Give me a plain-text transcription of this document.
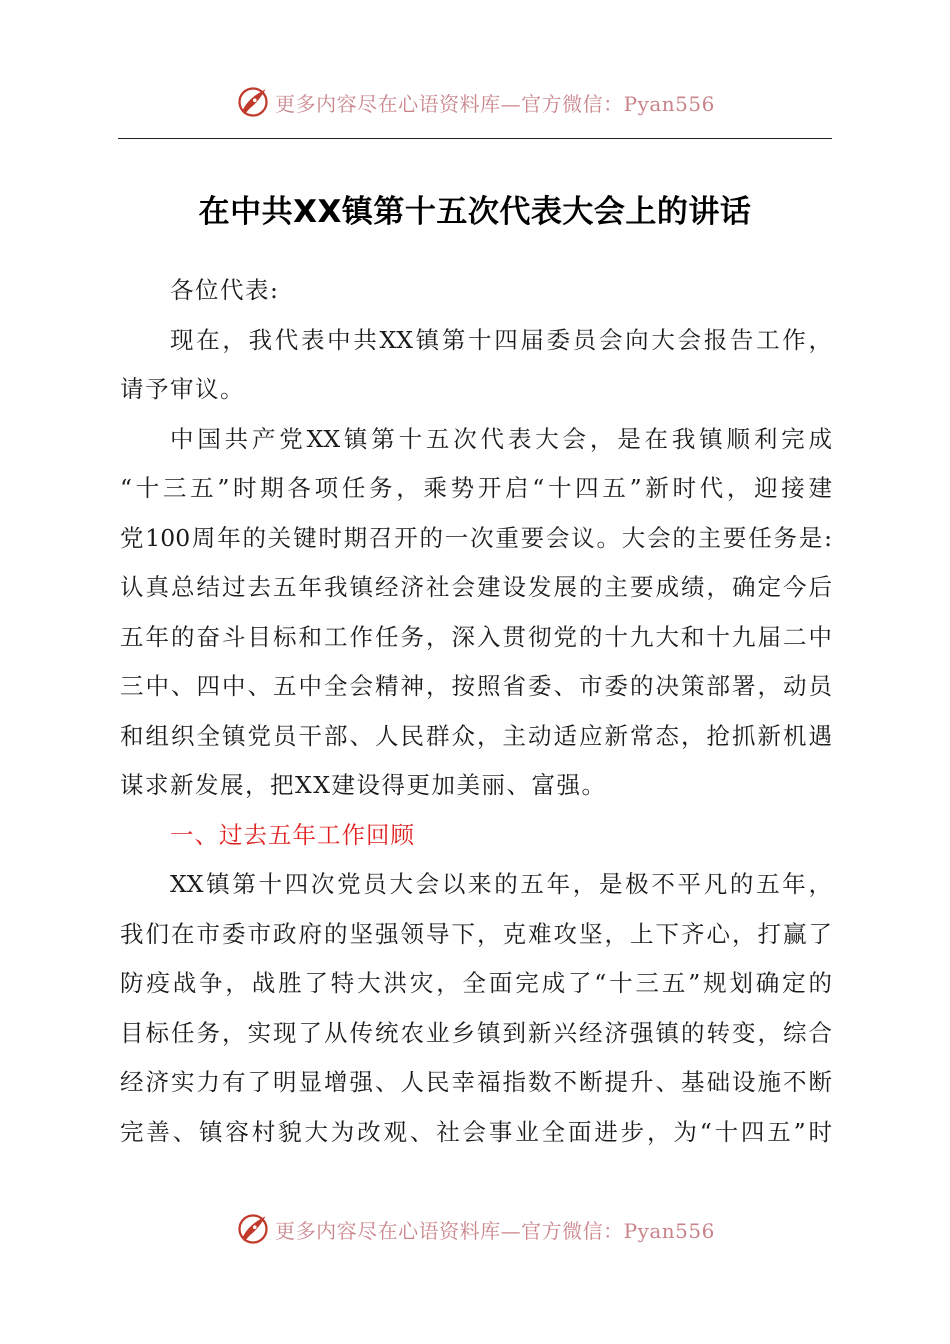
更多内容尽在心语资料库—官方微信：Pyan556
在中共XX镇第十五次代表大会上的讲话
各位代表:
现在，我代表中共XX镇第十四届委员会向大会报告工作，
请予审议。
中国共产党XX镇第十五次代表大会，是在我镇顺利完成
“十三五”时期各项任务，乘势开启“十四五”新时代，迎接建
党100周年的关键时期召开的一次重要会议。大会的主要任务是:
认真总结过去五年我镇经济社会建设发展的主要成绩，确定今后
五年的奋斗目标和工作任务，深入贯彻党的十九大和十九届二中
三中、四中、五中全会精神，按照省委、市委的决策部署，动员
和组织全镇党员干部、人民群众，主动适应新常态，抢抓新机遇
谋求新发展，把XX建设得更加美丽、富强。
一、过去五年工作回顾
XX镇第十四次党员大会以来的五年，是极不平凡的五年，
我们在市委市政府的坚强领导下，克难攻坚，上下齐心，打赢了
防疫战争，战胜了特大洪灾，全面完成了“十三五”规划确定的
目标任务，实现了从传统农业乡镇到新兴经济强镇的转变，综合
经济实力有了明显增强、人民幸福指数不断提升、基础设施不断
完善、镇容村貌大为改观、社会事业全面进步，为“十四五”时
更多内容尽在心语资料库—官方微信：Pyan556
